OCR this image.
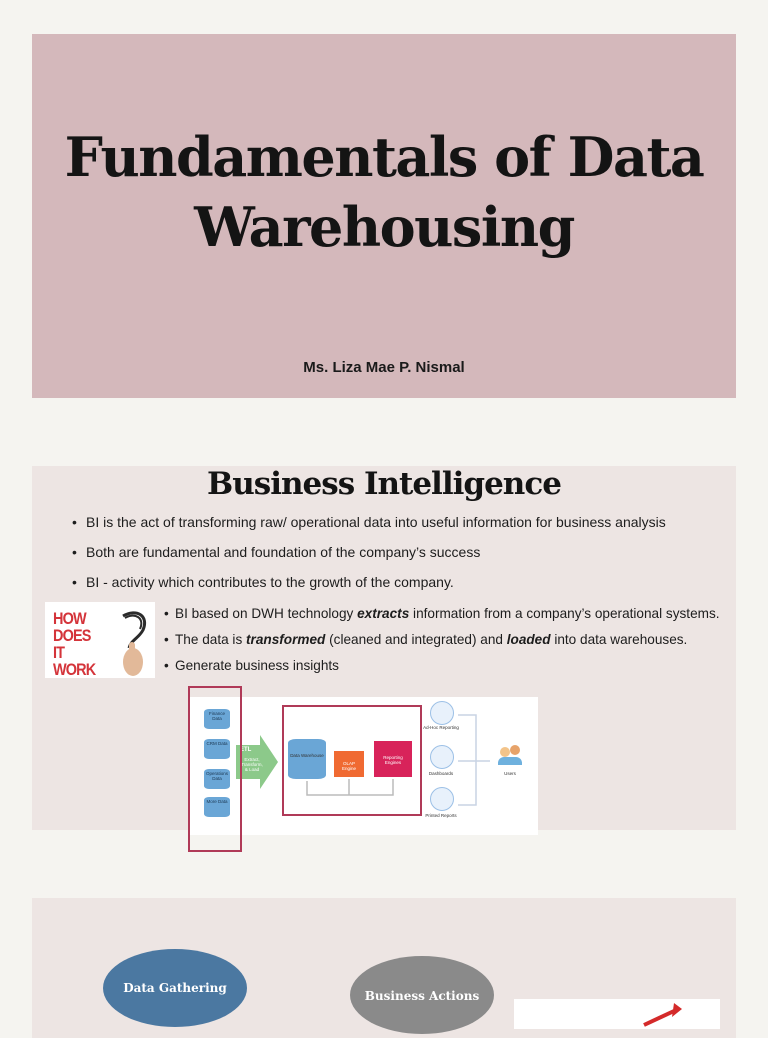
Fundamentals of Data Warehousing
Ms. Liza Mae P. Nismal
Business Intelligence
• BI is the act of transforming raw/ operational data into useful information for business analysis
• Both are fundamental and foundation of the company’s success
• BI - activity which contributes to the growth of the company.
HOW DOES IT WORK
• BI based on DWH technology extracts information from a company’s operational systems.
• The data is transformed (cleaned and integrated) and loaded into data warehouses.
• Generate business insights
Finance Data
CRM Data
Operations Data
More Data
ETL
Extract, Transform, & Load
Data Warehouse
OLAP Engine
Reporting Engines
Ad-Hoc Reporting
Dashboards
Printed Reports
Users
Data Gathering
Business Actions
